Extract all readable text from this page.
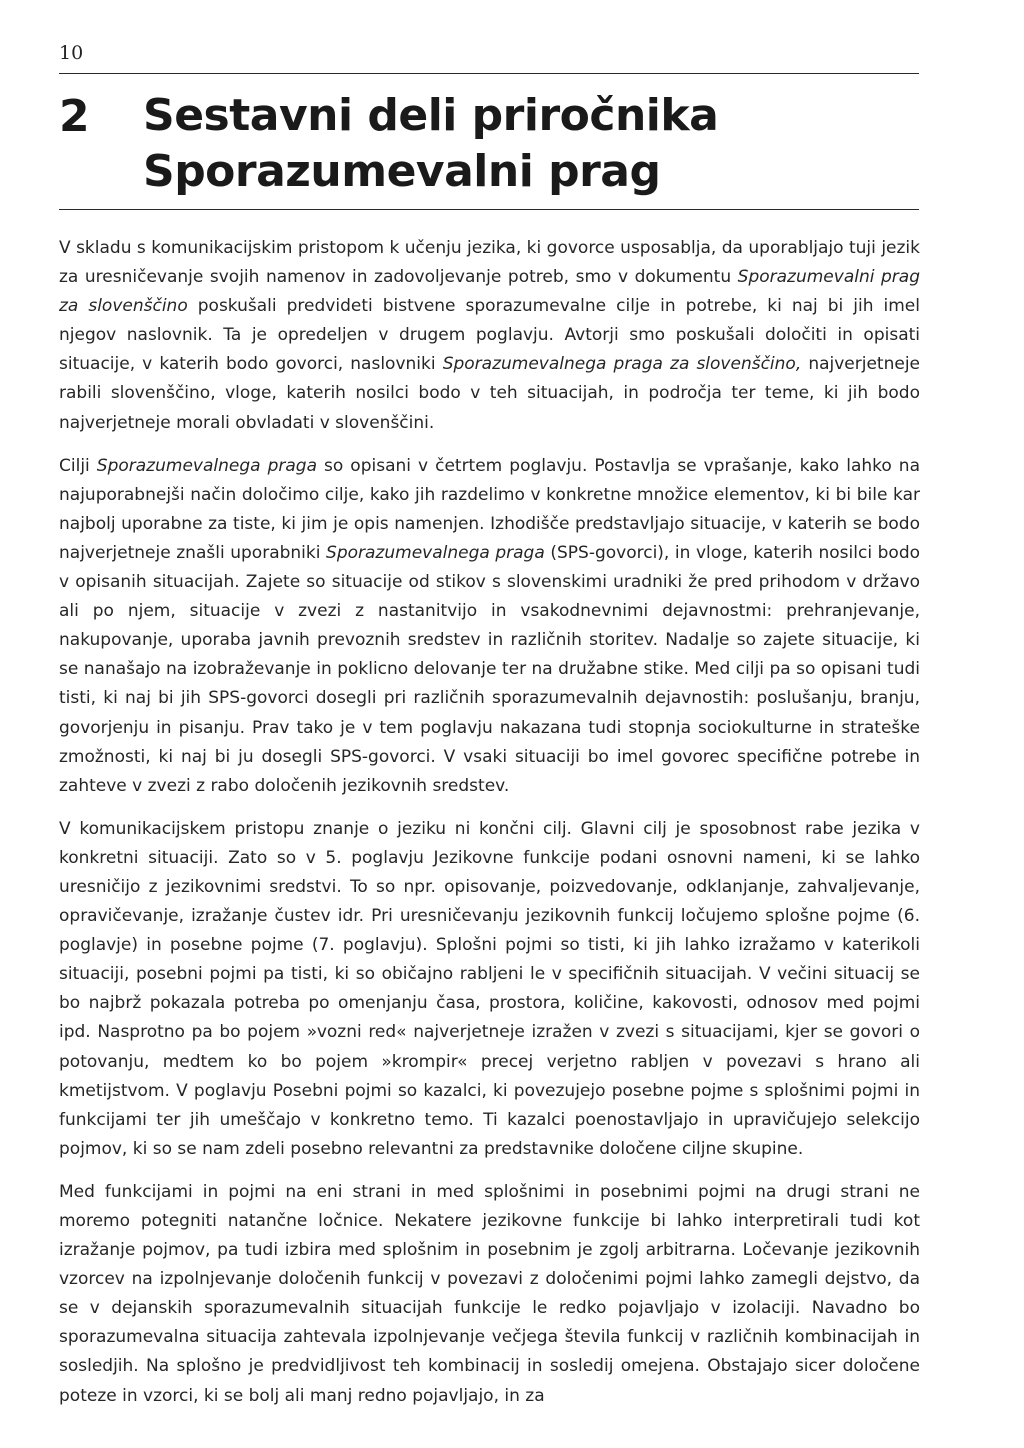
10
2 Sestavni deli priročnika
Sporazumevalni prag

V skladu s komunikacijskim pristopom k učenju jezika, ki govorce usposablja, da uporabljajo tuji jezik za uresničevanje svojih namenov in zadovoljevanje potreb, smo v dokumentu Sporazumevalni prag za slovenščino poskušali predvideti bistvene sporazumevalne cilje in potrebe, ki naj bi jih imel njegov naslovnik. Ta je opredeljen v drugem poglavju. Avtorji smo poskušali določiti in opisati situacije, v katerih bodo govorci, naslovniki Sporazumevalnega praga za slovenščino, najverjetneje rabili slovenščino, vloge, katerih nosilci bodo v teh situacijah, in področja ter teme, ki jih bodo najverjetneje morali obvladati v slovenščini.

Cilji Sporazumevalnega praga so opisani v četrtem poglavju. Postavlja se vprašanje, kako lahko na najuporabnejši način določimo cilje, kako jih razdelimo v konkretne množice elementov, ki bi bile kar najbolj uporabne za tiste, ki jim je opis namenjen. Izhodišče predstavljajo situacije, v katerih se bodo najverjetneje znašli uporabniki Sporazumevalnega praga (SPS-govorci), in vloge, katerih nosilci bodo v opisanih situacijah. Zajete so situacije od stikov s slovenskimi uradniki že pred prihodom v državo ali po njem, situacije v zvezi z nastanitvijo in vsakodnevnimi dejavnostmi: prehranjevanje, nakupovanje, uporaba javnih prevoznih sredstev in različnih storitev. Nadalje so zajete situacije, ki se nanašajo na izobraževanje in poklicno delovanje ter na družabne stike. Med cilji pa so opisani tudi tisti, ki naj bi jih SPS-govorci dosegli pri različnih sporazumevalnih dejavnostih: poslušanju, branju, govorjenju in pisanju. Prav tako je v tem poglavju nakazana tudi stopnja sociokulturne in strateške zmožnosti, ki naj bi ju dosegli SPS-govorci. V vsaki situaciji bo imel govorec specifične potrebe in zahteve v zvezi z rabo določenih jezikovnih sredstev.

V komunikacijskem pristopu znanje o jeziku ni končni cilj. Glavni cilj je sposobnost rabe jezika v konkretni situaciji. Zato so v 5. poglavju Jezikovne funkcije podani osnovni nameni, ki se lahko uresničijo z jezikovnimi sredstvi. To so npr. opisovanje, poizvedovanje, odklanjanje, zahvaljevanje, opravičevanje, izražanje čustev idr. Pri uresničevanju jezikovnih funkcij ločujemo splošne pojme (6. poglavje) in posebne pojme (7. poglavju). Splošni pojmi so tisti, ki jih lahko izražamo v katerikoli situaciji, posebni pojmi pa tisti, ki so običajno rabljeni le v specifičnih situacijah. V večini situacij se bo najbrž pokazala potreba po omenjanju časa, prostora, količine, kakovosti, odnosov med pojmi ipd. Nasprotno pa bo pojem »vozni red« najverjetneje izražen v zvezi s situacijami, kjer se govori o potovanju, medtem ko bo pojem »krompir« precej verjetno rabljen v povezavi s hrano ali kmetijstvom. V poglavju Posebni pojmi so kazalci, ki povezujejo posebne pojme s splošnimi pojmi in funkcijami ter jih umeščajo v konkretno temo. Ti kazalci poenostavljajo in upravičujejo selekcijo pojmov, ki so se nam zdeli posebno relevantni za predstavnike določene ciljne skupine.

Med funkcijami in pojmi na eni strani in med splošnimi in posebnimi pojmi na drugi strani ne moremo potegniti natančne ločnice. Nekatere jezikovne funkcije bi lahko interpretirali tudi kot izražanje pojmov, pa tudi izbira med splošnim in posebnim je zgolj arbitrarna. Ločevanje jezikovnih vzorcev na izpolnjevanje določenih funkcij v povezavi z določenimi pojmi lahko zamegli dejstvo, da se v dejanskih sporazumevalnih situacijah funkcije le redko pojavljajo v izolaciji. Navadno bo sporazumevalna situacija zahtevala izpolnjevanje večjega števila funkcij v različnih kombinacijah in sosledjih. Na splošno je predvidljivost teh kombinacij in sosledij omejena. Obstajajo sicer določene poteze in vzorci, ki se bolj ali manj redno pojavljajo, in za
